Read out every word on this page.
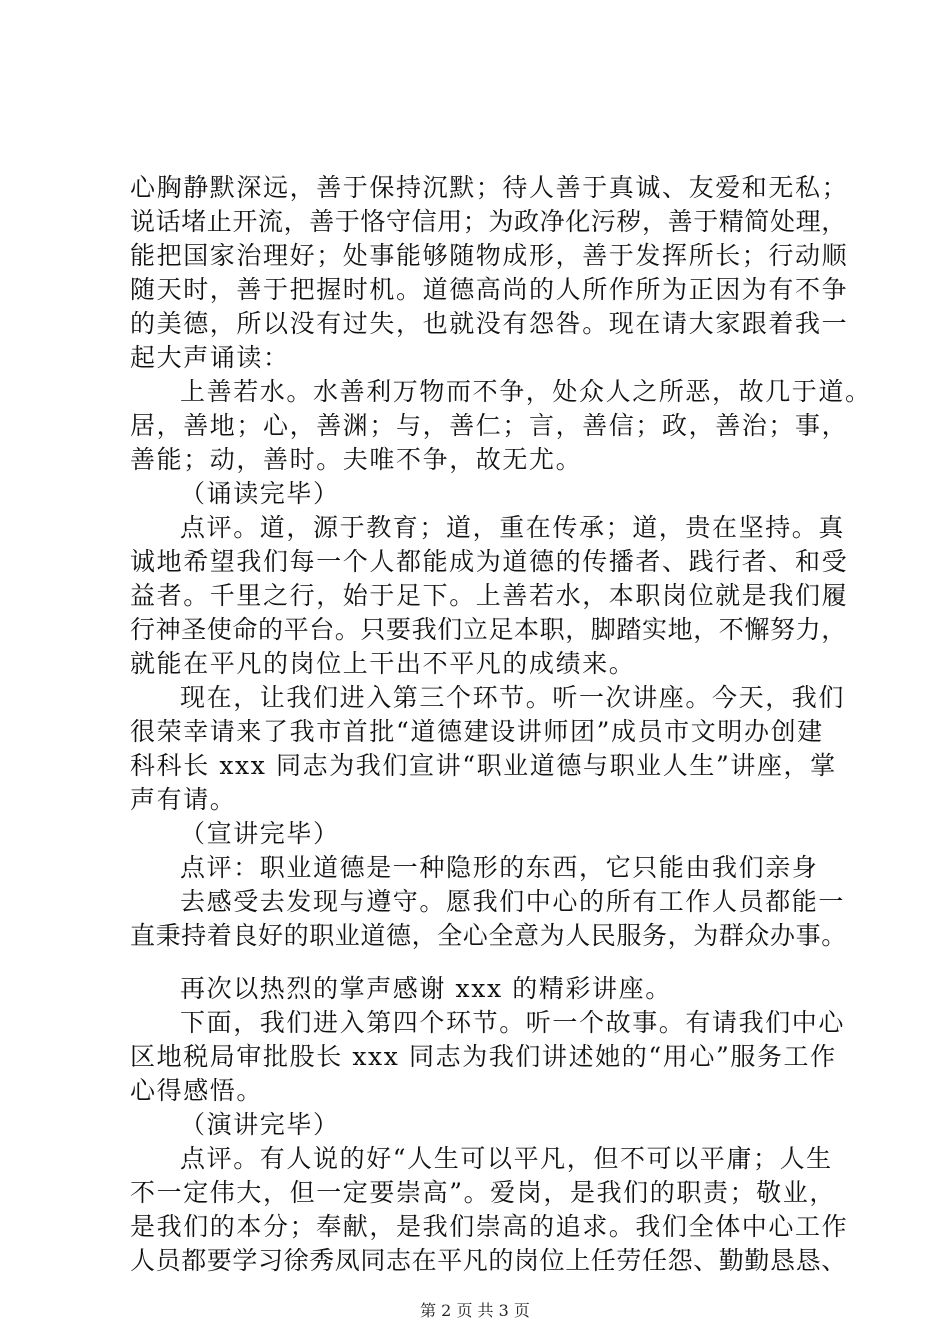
心胸静默深远，善于保持沉默；待人善于真诚、友爱和无私；
说话堵止开流，善于恪守信用；为政净化污秽，善于精简处理，
能把国家治理好；处事能够随物成形，善于发挥所长；行动顺
随天时，善于把握时机。道德高尚的人所作所为正因为有不争
的美德，所以没有过失，也就没有怨咎。现在请大家跟着我一
起大声诵读：
上善若水。水善利万物而不争，处众人之所恶，故几于道。
居，善地；心，善渊；与，善仁；言，善信；政，善治；事，
善能；动，善时。夫唯不争，故无尤。
（诵读完毕）
点评。道，源于教育；道，重在传承；道，贵在坚持。真
诚地希望我们每一个人都能成为道德的传播者、践行者、和受
益者。千里之行，始于足下。上善若水，本职岗位就是我们履
行神圣使命的平台。只要我们立足本职，脚踏实地，不懈努力，
就能在平凡的岗位上干出不平凡的成绩来。
现在，让我们进入第三个环节。听一次讲座。今天，我们
很荣幸请来了我市首批“道德建设讲师团”成员市文明办创建
科科长 xxx 同志为我们宣讲“职业道德与职业人生”讲座，掌
声有请。
（宣讲完毕）
点评：职业道德是一种隐形的东西，它只能由我们亲身
去感受去发现与遵守。愿我们中心的所有工作人员都能一
直秉持着良好的职业道德，全心全意为人民服务，为群众办事。
再次以热烈的掌声感谢 xxx 的精彩讲座。
下面，我们进入第四个环节。听一个故事。有请我们中心
区地税局审批股长 xxx 同志为我们讲述她的“用心”服务工作
心得感悟。
（演讲完毕）
点评。有人说的好“人生可以平凡，但不可以平庸；人生
不一定伟大，但一定要崇高”。爱岗，是我们的职责；敬业，
是我们的本分；奉献，是我们崇高的追求。我们全体中心工作
人员都要学习徐秀凤同志在平凡的岗位上任劳任怨、勤勤恳恳、
第 2 页 共 3 页
